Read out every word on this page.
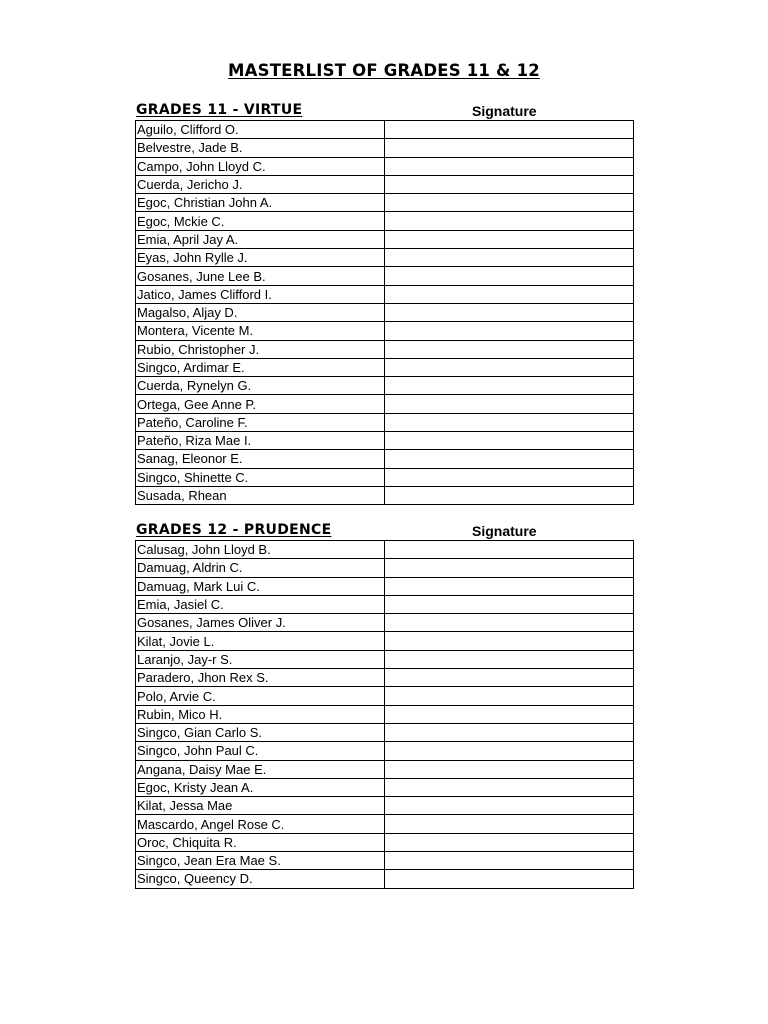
MASTERLIST OF GRADES 11 & 12
GRADES 11 - VIRTUE	Signature
Aguilo, Clifford O.	
Belvestre, Jade B.	
Campo, John Lloyd C.	
Cuerda, Jericho J.	
Egoc, Christian John A.	
Egoc, Mckie C.	
Emia, April Jay A.	
Eyas, John Rylle J.	
Gosanes, June Lee B.	
Jatico, James Clifford I.	
Magalso, Aljay D.	
Montera, Vicente M.	
Rubio, Christopher J.	
Singco, Ardimar E.	
Cuerda, Rynelyn G.	
Ortega, Gee Anne P.	
Pateño, Caroline F.	
Pateño, Riza Mae I.	
Sanag, Eleonor E.	
Singco, Shinette C.	
Susada, Rhean	
GRADES 12 - PRUDENCE	Signature
Calusag, John Lloyd B.	
Damuag, Aldrin C.	
Damuag, Mark Lui C.	
Emia, Jasiel C.	
Gosanes, James Oliver J.	
Kilat, Jovie L.	
Laranjo, Jay-r S.	
Paradero, Jhon Rex S.	
Polo, Arvie C.	
Rubin, Mico H.	
Singco, Gian Carlo S.	
Singco, John Paul C.	
Angana, Daisy Mae E.	
Egoc, Kristy Jean A.	
Kilat, Jessa Mae	
Mascardo, Angel Rose C.	
Oroc, Chiquita R.	
Singco, Jean Era Mae S.	
Singco, Queency D.	
